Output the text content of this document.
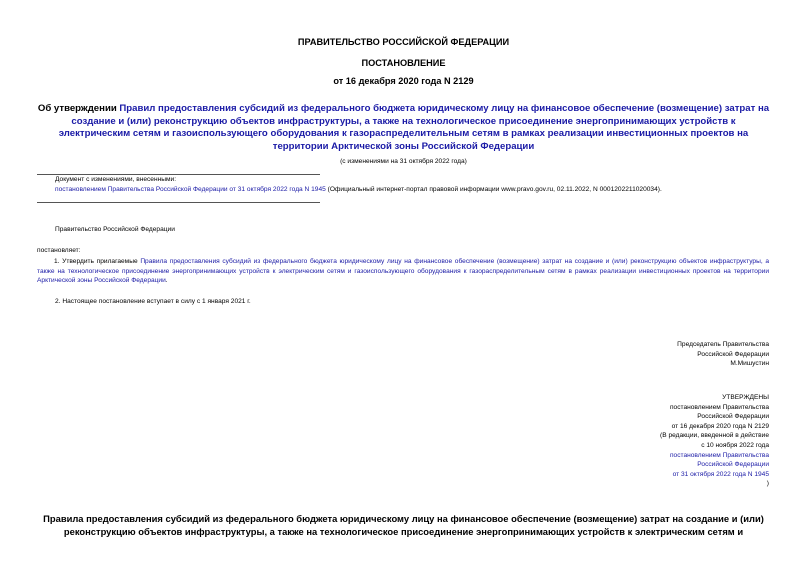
ПРАВИТЕЛЬСТВО РОССИЙСКОЙ ФЕДЕРАЦИИ
ПОСТАНОВЛЕНИЕ
от 16 декабря 2020 года N 2129
Об утверждении Правил предоставления субсидий из федерального бюджета юридическому лицу на финансовое обеспечение (возмещение) затрат на создание и (или) реконструкцию объектов инфраструктуры, а также на технологическое присоединение энергопринимающих устройств к электрическим сетям и газоиспользующего оборудования к газораспределительным сетям в рамках реализации инвестиционных проектов на территории Арктической зоны Российской Федерации
(с изменениями на 31 октября 2022 года)
Документ с изменениями, внесенными:
постановлением Правительства Российской Федерации от 31 октября 2022 года N 1945 (Официальный интернет-портал правовой информации www.pravo.gov.ru, 02.11.2022, N 0001202211020034).
Правительство Российской Федерации
постановляет:
1. Утвердить прилагаемые Правила предоставления субсидий из федерального бюджета юридическому лицу на финансовое обеспечение (возмещение) затрат на создание и (или) реконструкцию объектов инфраструктуры, а также на технологическое присоединение энергопринимающих устройств к электрическим сетям и газоиспользующего оборудования к газораспределительным сетям в рамках реализации инвестиционных проектов на территории Арктической зоны Российской Федерации.
2. Настоящее постановление вступает в силу с 1 января 2021 г.
Председатель Правительства
Российской Федерации
М.Мишустин
УТВЕРЖДЕНЫ
постановлением Правительства
Российской Федерации
от 16 декабря 2020 года N 2129
(В редакции, введенной в действие
с 10 ноября 2022 года
постановлением Правительства
Российской Федерации
от 31 октября 2022 года N 1945
)
Правила предоставления субсидий из федерального бюджета юридическому лицу на финансовое обеспечение (возмещение) затрат на создание и (или) реконструкцию объектов инфраструктуры, а также на технологическое присоединение энергопринимающих устройств к электрическим сетям и
